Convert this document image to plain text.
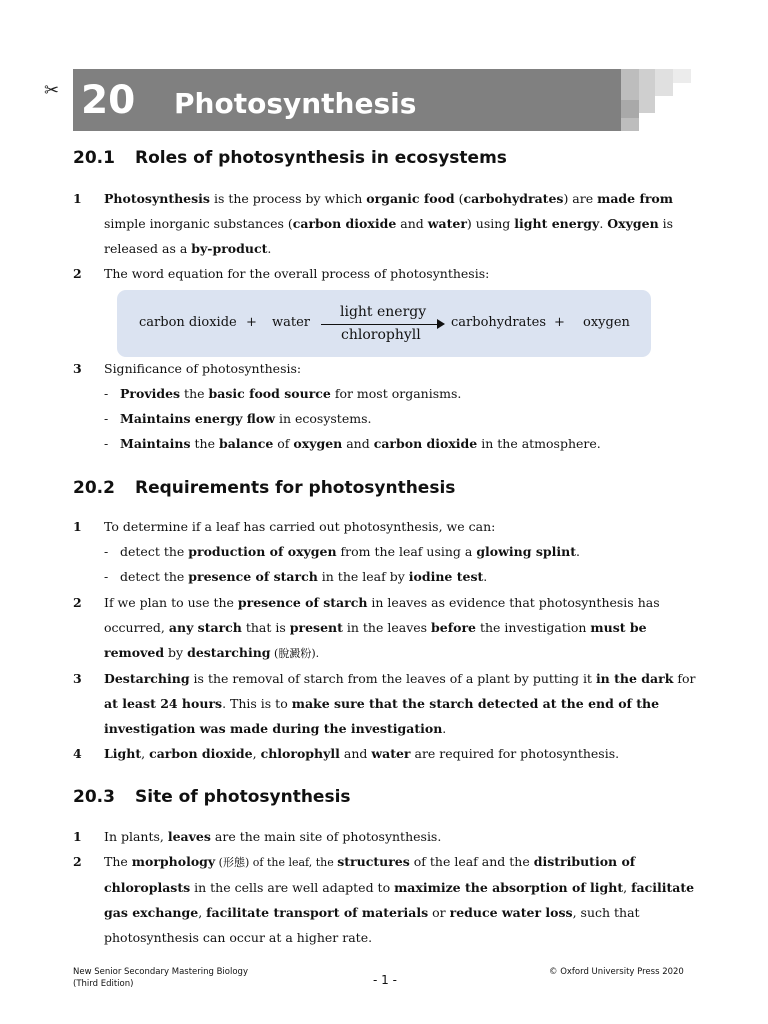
✂ 20 Photosynthesis
20.1 Roles of photosynthesis in ecosystems
1 Photosynthesis is the process by which organic food (carbohydrates) are made from simple inorganic substances (carbon dioxide and water) using light energy. Oxygen is released as a by-product.
2 The word equation for the overall process of photosynthesis:
carbon dioxide + water
light energy
chlorophyll
carbohydrates + oxygen
3 Significance of photosynthesis:
- Provides the basic food source for most organisms.
- Maintains energy flow in ecosystems.
- Maintains the balance of oxygen and carbon dioxide in the atmosphere.
20.2 Requirements for photosynthesis
1 To determine if a leaf has carried out photosynthesis, we can:
- detect the production of oxygen from the leaf using a glowing splint.
- detect the presence of starch in the leaf by iodine test.
2 If we plan to use the presence of starch in leaves as evidence that photosynthesis has occurred, any starch that is present in the leaves before the investigation must be removed by destarching (脫澱粉).
3 Destarching is the removal of starch from the leaves of a plant by putting it in the dark for at least 24 hours. This is to make sure that the starch detected at the end of the investigation was made during the investigation.
4 Light, carbon dioxide, chlorophyll and water are required for photosynthesis.
20.3 Site of photosynthesis
1 In plants, leaves are the main site of photosynthesis.
2 The morphology (形態) of the leaf, the structures of the leaf and the distribution of chloroplasts in the cells are well adapted to maximize the absorption of light, facilitate gas exchange, facilitate transport of materials or reduce water loss, such that photosynthesis can occur at a higher rate.
New Senior Secondary Mastering Biology
(Third Edition)	- 1 -
© Oxford University Press 2020
